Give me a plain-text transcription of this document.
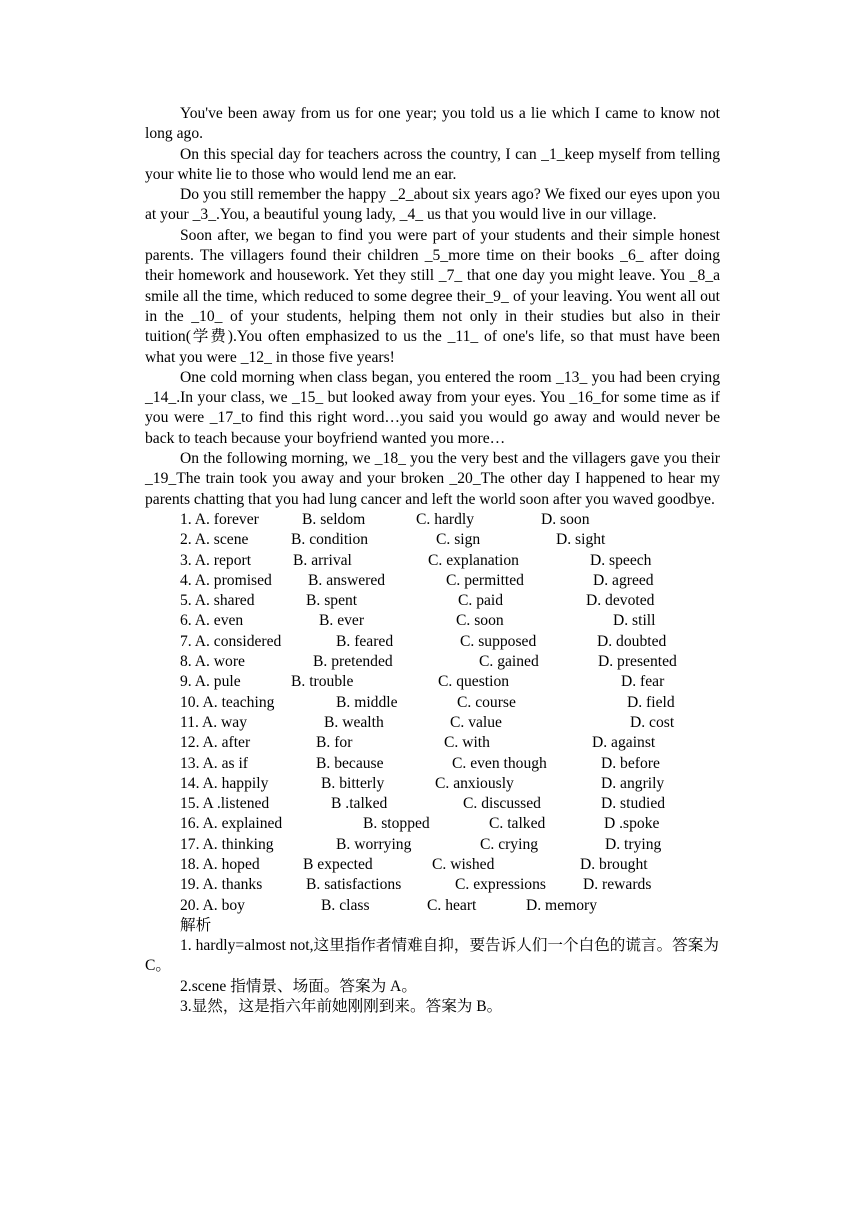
You've been away from us for one year; you told us a lie which I came to know not long ago.

On this special day for teachers across the country, I can _1_keep myself from telling your white lie to those who would lend me an ear.

Do you still remember the happy _2_about six years ago? We fixed our eyes upon you at your _3_.You, a beautiful young lady, _4_ us that you would live in our village.

Soon after, we began to find you were part of your students and their simple honest parents. The villagers found their children _5_more time on their books _6_ after doing their homework and housework. Yet they still _7_ that one day you might leave. You _8_a smile all the time, which reduced to some degree their_9_ of your leaving. You went all out in the _10_ of your students, helping them not only in their studies but also in their tuition(学费).You often emphasized to us the _11_ of one's life, so that must have been what you were _12_ in those five years!

One cold morning when class began, you entered the room _13_ you had been crying _14_.In your class, we _15_ but looked away from your eyes. You _16_for some time as if you were _17_to find this right word…you said you would go away and would never be back to teach because your boyfriend wanted you more…

On the following morning, we _18_ you the very best and the villagers gave you their _19_The train took you away and your broken _20_The other day I happened to hear my parents chatting that you had lung cancer and left the world soon after you waved goodbye.

1. A. forever	B. seldom	C. hardly	D. soon
2. A. scene	B. condition	C. sign	D. sight
3. A. report	B. arrival	C. explanation	D. speech
4. A. promised B. answered	C. permitted	D. agreed
5. A. shared	B. spent	C. paid	D. devoted
6. A. even	B. ever	C. soon	D. still
7. A. considered	B. feared	C. supposed	D. doubted
8. A. wore	B. pretended	C. gained	D. presented
9. A. pule	B. trouble	C. question	D. fear
10. A. teaching	B. middle	C. course	D. field
11. A. way	B. wealth	C. value	D. cost
12. A. after	B. for	C. with	D. against
13. A. as if	B. because	C. even though	D. before
14. A. happily	B. bitterly	C. anxiously	D. angrily
15. A .listened	B .talked	C. discussed	D. studied
16. A. explained	B. stopped	C. talked	D .spoke
17. A. thinking	B. worrying	C. crying	D. trying
18. A. hoped	B expected	C. wished	D. brought
19. A. thanks	B. satisfactions	C. expressions D. rewards
20. A. boy	B. class	C. heart	D. memory

解析

1. hardly=almost not,这里指作者情难自抑，要告诉人们一个白色的谎言。答案为 C。

2.scene 指情景、场面。答案为 A。

3.显然，这是指六年前她刚刚到来。答案为 B。
